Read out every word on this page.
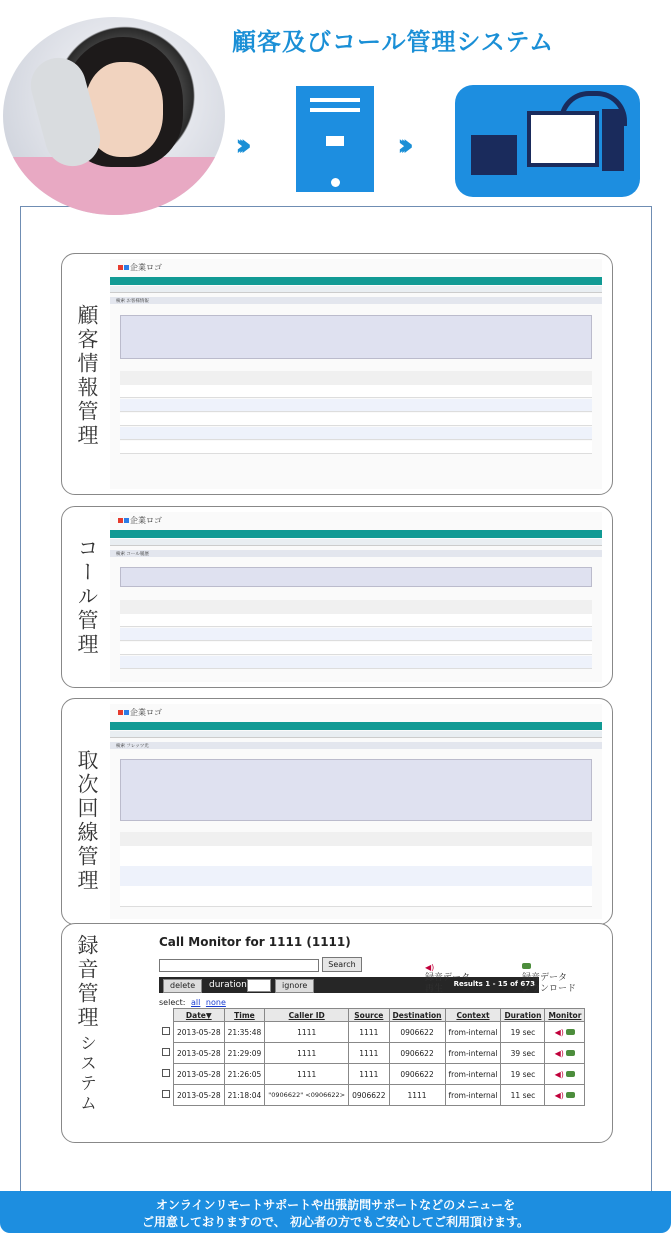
顧客及びコール管理システム
›››	›››
顧客情報管理
企業ロゴ
検索 お客様情報
コール管理
企業ロゴ
検索 コール履歴
取次回線管理
企業ロゴ
検索 フレッツ光
録音管理
システム
Call Monitor for 1111 (1111)
Search
delete	duration	ignore	Results 1 - 15 of 673
select: all none
	Date▼	Time	Caller ID	Source	Destination	Context	Duration	Monitor
	2013-05-28	21:35:48	1111	1111	0906622	from-internal	19 sec	◀)
	2013-05-28	21:29:09	1111	1111	0906622	from-internal	39 sec	◀)
	2013-05-28	21:26:05	1111	1111	0906622	from-internal	19 sec	◀)
	2013-05-28	21:18:04	"0906622" <0906622>	0906622	1111	from-internal	11 sec	◀)
◀)
録音データ
再生
録音データ
ダウンロード
オンラインリモートサポートや出張訪問サポートなどのメニューを
ご用意しておりますので、 初心者の方でもご安心してご利用頂けます。
